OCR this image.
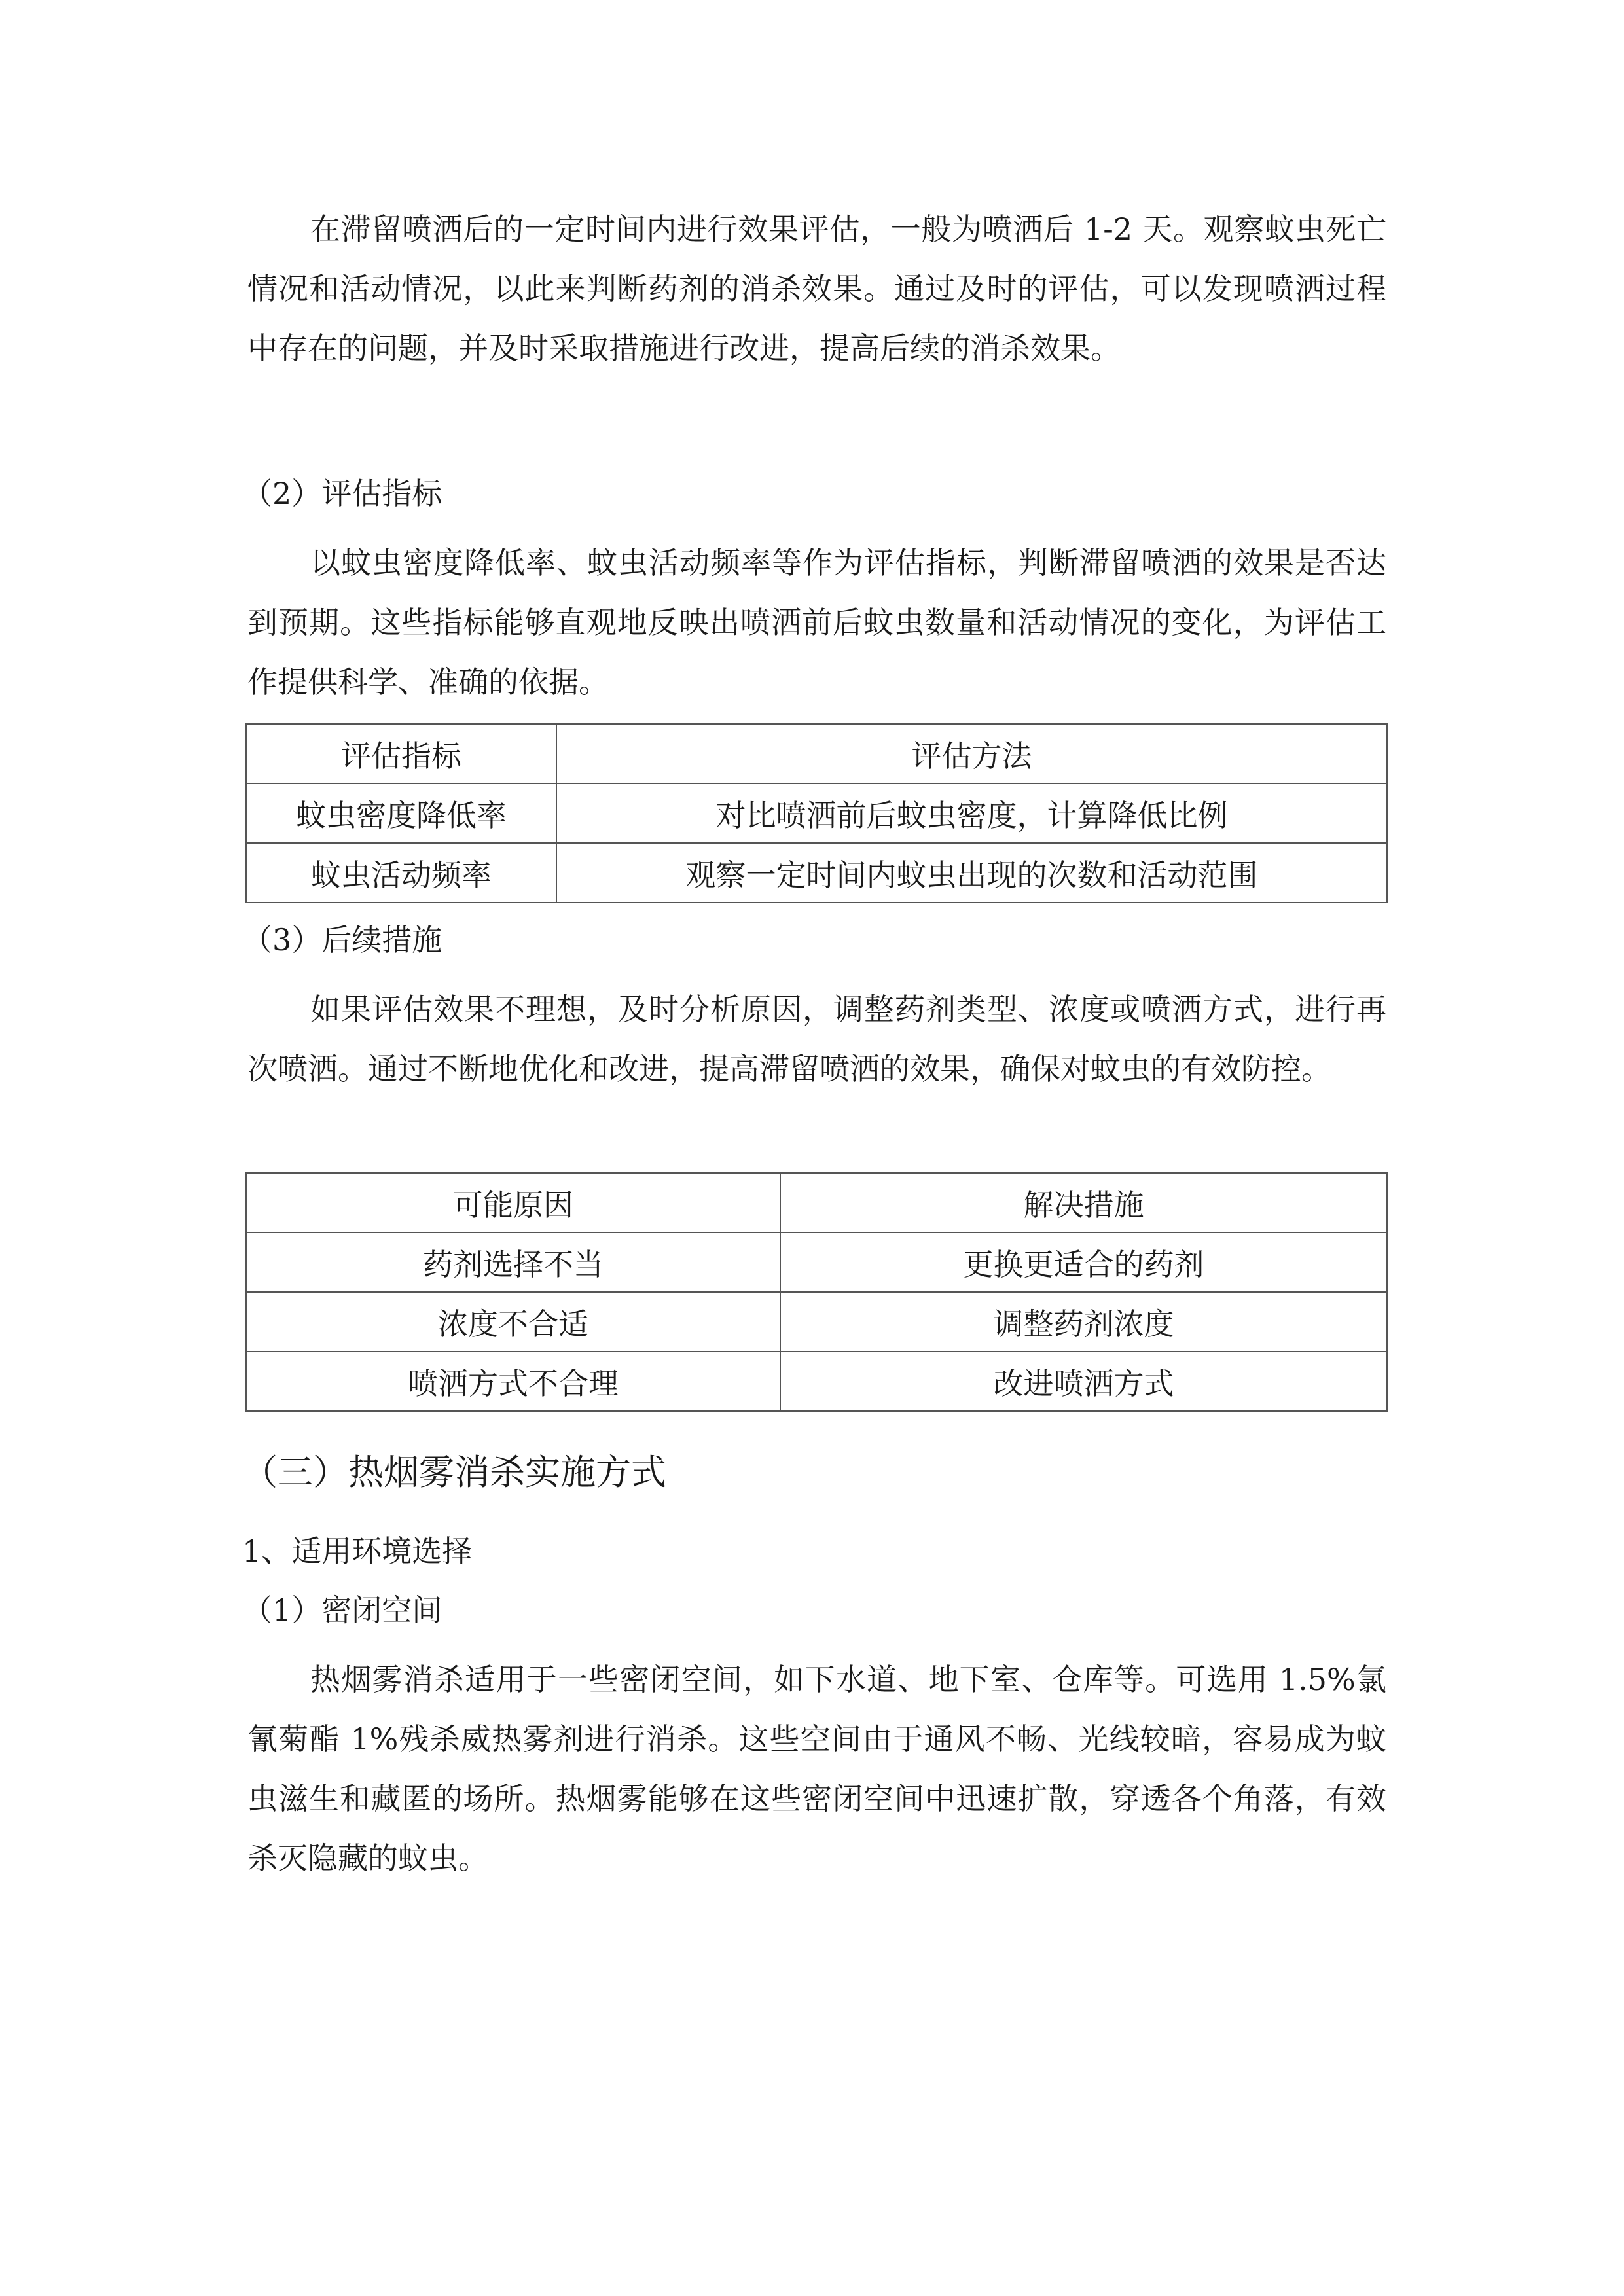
在滞留喷洒后的一定时间内进行效果评估，一般为喷洒后 1-2 天。观察蚊虫死亡情况和活动情况，以此来判断药剂的消杀效果。通过及时的评估，可以发现喷洒过程中存在的问题，并及时采取措施进行改进，提高后续的消杀效果。

（2）评估指标

以蚊虫密度降低率、蚊虫活动频率等作为评估指标，判断滞留喷洒的效果是否达到预期。这些指标能够直观地反映出喷洒前后蚊虫数量和活动情况的变化，为评估工作提供科学、准确的依据。

评估指标	评估方法
蚊虫密度降低率	对比喷洒前后蚊虫密度，计算降低比例
蚊虫活动频率	观察一定时间内蚊虫出现的次数和活动范围

（3）后续措施

如果评估效果不理想，及时分析原因，调整药剂类型、浓度或喷洒方式，进行再次喷洒。通过不断地优化和改进，提高滞留喷洒的效果，确保对蚊虫的有效防控。

可能原因	解决措施
药剂选择不当	更换更适合的药剂
浓度不合适	调整药剂浓度
喷洒方式不合理	改进喷洒方式

（三）热烟雾消杀实施方式

1、适用环境选择

（1）密闭空间

热烟雾消杀适用于一些密闭空间，如下水道、地下室、仓库等。可选用 1.5%氯氰菊酯 1%残杀威热雾剂进行消杀。这些空间由于通风不畅、光线较暗，容易成为蚊虫滋生和藏匿的场所。热烟雾能够在这些密闭空间中迅速扩散，穿透各个角落，有效杀灭隐藏的蚊虫。
